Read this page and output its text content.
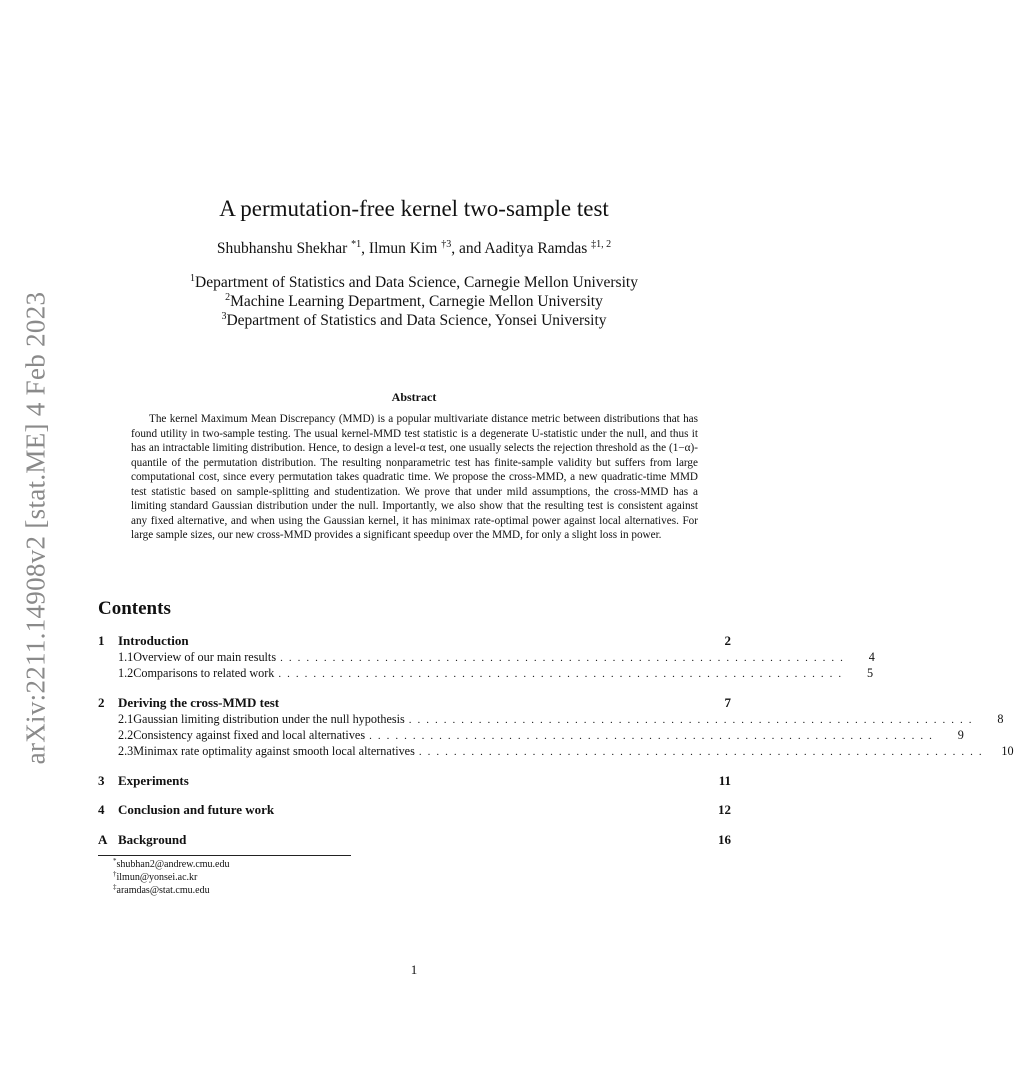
arXiv:2211.14908v2 [stat.ME] 4 Feb 2023
A permutation-free kernel two-sample test
Shubhanshu Shekhar $^{*1}$, Ilmun Kim $^{\dagger 3}$, and Aaditya Ramdas $^{\ddagger 1, 2}$
$^1$Department of Statistics and Data Science, Carnegie Mellon University
$^2$Machine Learning Department, Carnegie Mellon University
$^3$Department of Statistics and Data Science, Yonsei University
Abstract

The kernel Maximum Mean Discrepancy (MMD) is a popular multivariate distance metric between distributions that has found utility in two-sample testing. The usual kernel-MMD test statistic is a degenerate U-statistic under the null, and thus it has an intractable limiting distribution. Hence, to design a level-α test, one usually selects the rejection threshold as the (1−α)-quantile of the permutation distribution. The resulting nonparametric test has finite-sample validity but suffers from large computational cost, since every permutation takes quadratic time. We propose the cross-MMD, a new quadratic-time MMD test statistic based on sample-splitting and studentization. We prove that under mild assumptions, the cross-MMD has a limiting standard Gaussian distribution under the null. Importantly, we also show that the resulting test is consistent against any fixed alternative, and when using the Gaussian kernel, it has minimax rate-optimal power against local alternatives. For large sample sizes, our new cross-MMD provides a significant speedup over the MMD, for only a slight loss in power.

Contents
1	Introduction	2
1.1 Overview of our main results .................................................................	4
1.2 Comparisons to related work .................................................................	5
2	Deriving the cross-MMD test	7
2.1 Gaussian limiting distribution under the null hypothesis .................................................................	8
2.2 Consistency against fixed and local alternatives .................................................................	9
2.3 Minimax rate optimality against smooth local alternatives .................................................................	10
3	Experiments	11
4	Conclusion and future work	12
A Background	16
*shubhan2@andrew.cmu.edu
†ilmun@yonsei.ac.kr
‡aramdas@stat.cmu.edu
1
